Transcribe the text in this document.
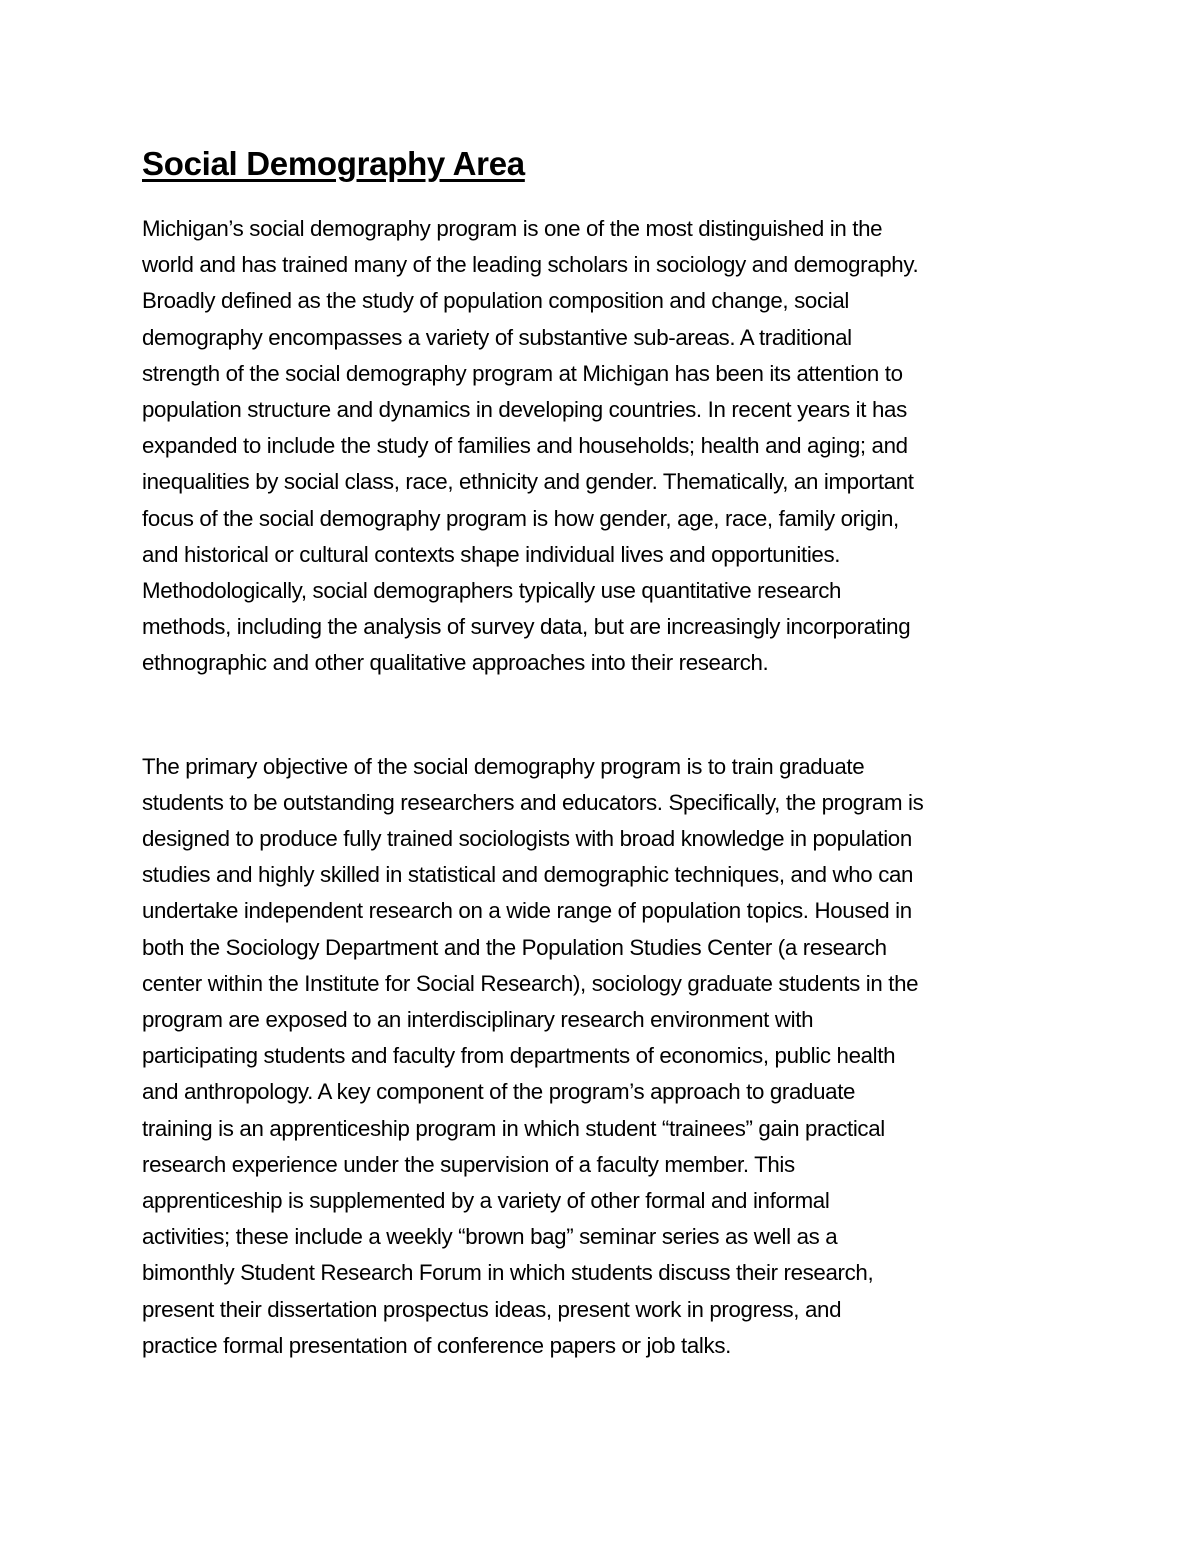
Social Demography Area

Michigan’s social demography program is one of the most distinguished in the
world and has trained many of the leading scholars in sociology and demography.
Broadly defined as the study of population composition and change, social
demography encompasses a variety of substantive sub-areas. A traditional
strength of the social demography program at Michigan has been its attention to
population structure and dynamics in developing countries. In recent years it has
expanded to include the study of families and households; health and aging; and
inequalities by social class, race, ethnicity and gender. Thematically, an important
focus of the social demography program is how gender, age, race, family origin,
and historical or cultural contexts shape individual lives and opportunities.
Methodologically, social demographers typically use quantitative research
methods, including the analysis of survey data, but are increasingly incorporating
ethnographic and other qualitative approaches into their research.

The primary objective of the social demography program is to train graduate
students to be outstanding researchers and educators. Specifically, the program is
designed to produce fully trained sociologists with broad knowledge in population
studies and highly skilled in statistical and demographic techniques, and who can
undertake independent research on a wide range of population topics. Housed in
both the Sociology Department and the Population Studies Center (a research
center within the Institute for Social Research), sociology graduate students in the
program are exposed to an interdisciplinary research environment with
participating students and faculty from departments of economics, public health
and anthropology. A key component of the program’s approach to graduate
training is an apprenticeship program in which student “trainees” gain practical
research experience under the supervision of a faculty member. This
apprenticeship is supplemented by a variety of other formal and informal
activities; these include a weekly “brown bag” seminar series as well as a
bimonthly Student Research Forum in which students discuss their research,
present their dissertation prospectus ideas, present work in progress, and
practice formal presentation of conference papers or job talks.
